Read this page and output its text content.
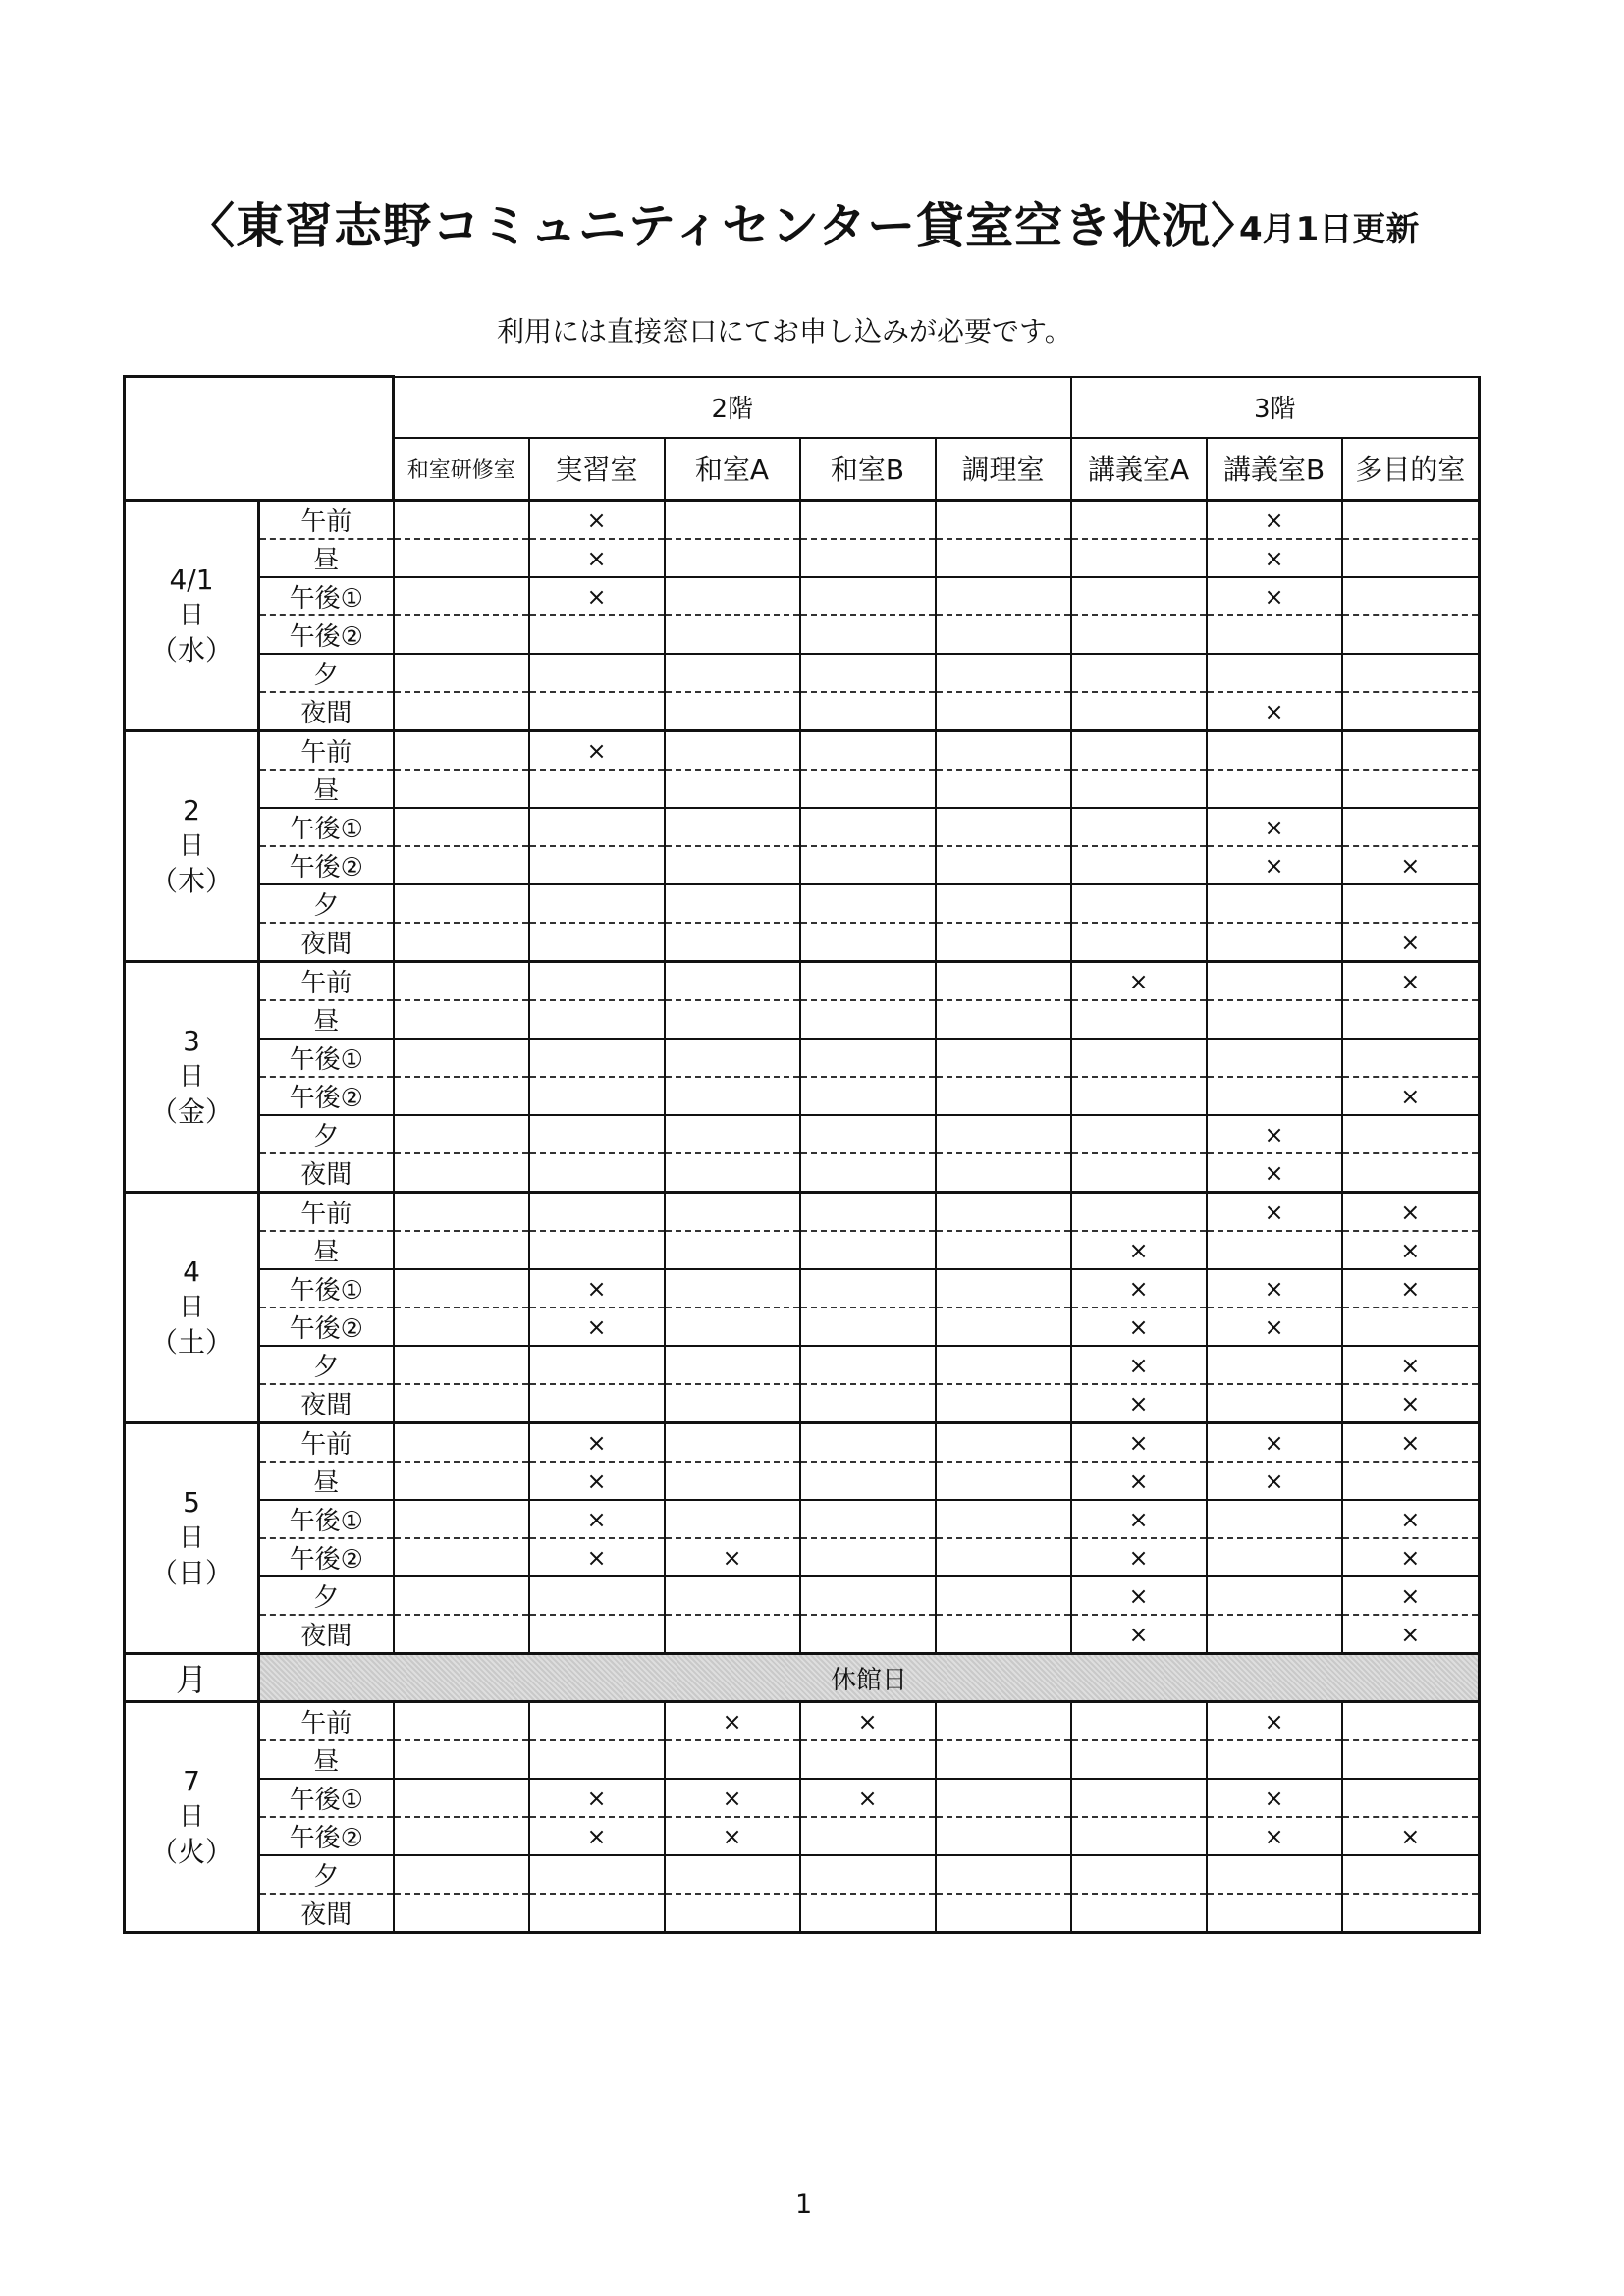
〈東習志野コミュニティセンター貸室空き状況〉
4月1日更新
利用には直接窓口にてお申し込みが必要です。
		2階					3階		
		和室研修室	実習室	和室A	和室B	調理室	講義室A	講義室B	多目的室
4/1
日
（水）	午前		×					×	
	昼		×					×	
	午後①		×					×	
	午後②								
	夕								
	夜間							×	
2
日
（木）	午前		×						
	昼								
	午後①							×	
	午後②							×	×
	夕								
	夜間								×
3
日
（金）	午前						×		×
	昼								
	午後①								
	午後②								×
	夕							×	
	夜間							×	
4
日
（土）	午前							×	×
	昼						×		×
	午後①		×				×	×	×
	午後②		×				×	×	
	夕						×		×
	夜間						×		×
5
日
（日）	午前		×				×	×	×
	昼		×				×	×	
	午後①		×				×		×
	午後②		×	×			×		×
	夕						×		×
	夜間						×		×
月	休館日								
7
日
（火）	午前			×	×			×	
	昼								
	午後①		×	×	×			×	
	午後②		×	×				×	×
	夕								
	夜間								
1
